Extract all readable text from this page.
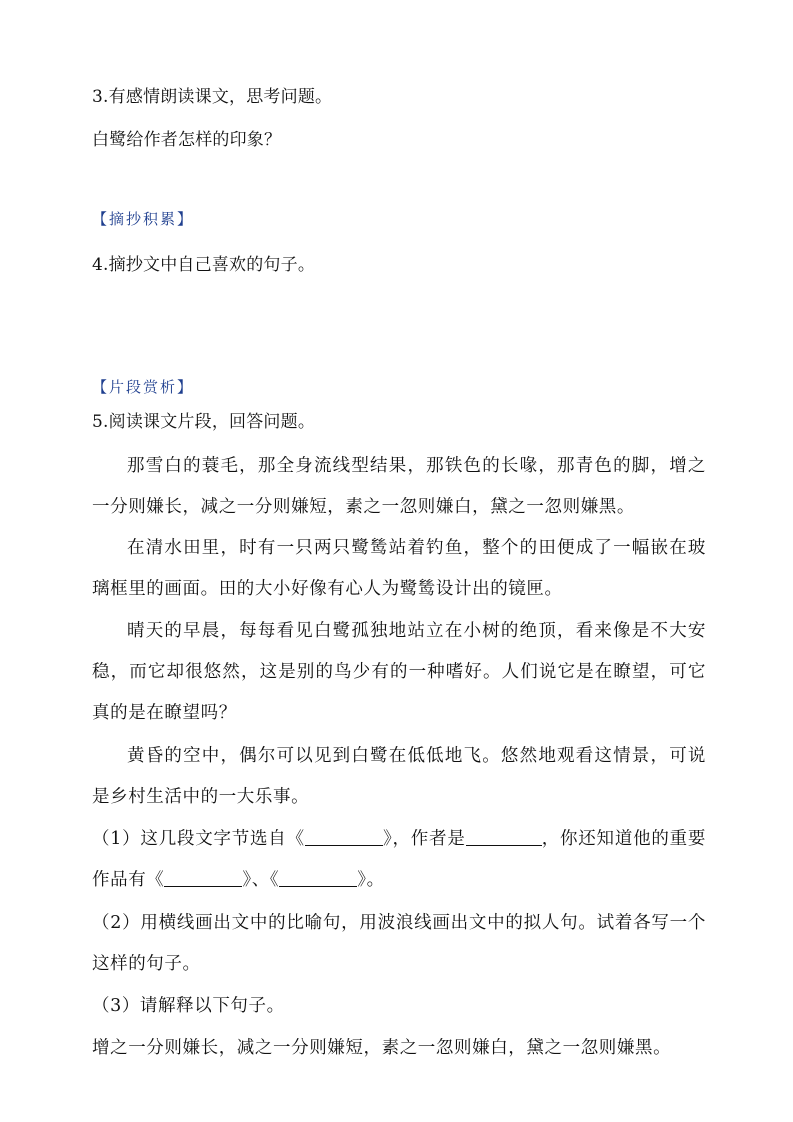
3.有感情朗读课文，思考问题。
白鹭给作者怎样的印象？
【摘抄积累】
4.摘抄文中自己喜欢的句子。
【片段赏析】
5.阅读课文片段，回答问题。
那雪白的蓑毛，那全身流线型结果，那铁色的长喙，那青色的脚，增之一分则嫌长，减之一分则嫌短，素之一忽则嫌白，黛之一忽则嫌黑。
在清水田里，时有一只两只鹭鸶站着钓鱼，整个的田便成了一幅嵌在玻璃框里的画面。田的大小好像有心人为鹭鸶设计出的镜匣。
晴天的早晨，每每看见白鹭孤独地站立在小树的绝顶，看来像是不大安稳，而它却很悠然，这是别的鸟少有的一种嗜好。人们说它是在瞭望，可它真的是在瞭望吗？
黄昏的空中，偶尔可以见到白鹭在低低地飞。悠然地观看这情景，可说是乡村生活中的一大乐事。
（1）这几段文字节选自《	》，作者是	，你还知道他的重要作品有《	》、《	》。
（2）用横线画出文中的比喻句，用波浪线画出文中的拟人句。试着各写一个这样的句子。
（3）请解释以下句子。
增之一分则嫌长，减之一分则嫌短，素之一忽则嫌白，黛之一忽则嫌黑。
